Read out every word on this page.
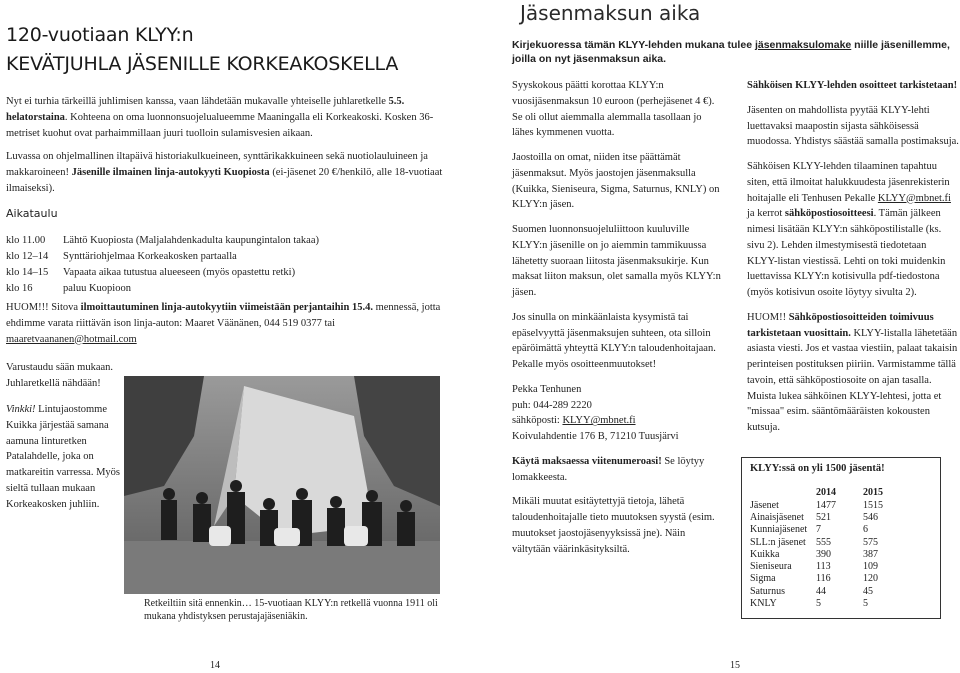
120-vuotiaan KLYY:n
KEVÄTJUHLA JÄSENILLE KORKEAKOSKELLA
Nyt ei turhia tärkeillä juhlimisen kanssa, vaan lähdetään mukavalle yhteiselle juhlaretkelle 5.5.
helatorstaina. Kohteena on oma luonnonsuojelualueemme Maaningalla eli Korkeakoski. Kosken 36-metriset kuohut ovat parhaimmillaan juuri tuolloin sulamisvesien aikaan.
Luvassa on ohjelmallinen iltapäivä historiakulkueineen, synttärikakkuineen sekä nuotiolauluineen ja makkaroineen! Jäsenille ilmainen linja-autokyyti Kuopiosta (ei-jäsenet 20 €/henkilö, alle 18-vuotiaat ilmaiseksi).
Aikataulu
klo 11.00	Lähtö Kuopiosta (Maljalahdenkadulta kaupungintalon takaa)
klo 12–14	Synttäriohjelmaa Korkeakosken partaalla
klo 14–15	Vapaata aikaa tutustua alueeseen (myös opastettu retki)
klo 16	paluu Kuopioon
HUOM!!! Sitova ilmoittautuminen linja-autokyytiin viimeistään perjantaihin 15.4. mennessä, jotta ehdimme varata riittävän ison linja-auton: Maaret Väänänen, 044 519 0377 tai maaretvaananen@hotmail.com
Varustaudu sään mukaan.
Juhlaretkellä nähdään!
Vinkki! Lintujaostomme Kuikka järjestää samana aamuna linturetken Patalahdelle, joka on matkareitin varressa. Myös sieltä tullaan mukaan Korkeakosken juhliin.
Retkeiltiin sitä ennenkin… 15-vuotiaan KLYY:n retkellä vuonna 1911 oli mukana yhdistyksen perustajajäseniäkin.
14
Jäsenmaksun aika
Kirjekuoressa tämän KLYY-lehden mukana tulee jäsenmaksulomake niille jäsenillemme, joilla on nyt jäsenmaksun aika.

Syyskokous päätti korottaa KLYY:n vuosijäsenmaksun 10 euroon (perhejäsenet 4 €). Se oli ollut aiemmalla alemmalla tasollaan jo lähes kymmenen vuotta.

Jaostoilla on omat, niiden itse päättämät jäsenmaksut. Myös jaostojen jäsenmaksulla (Kuikka, Sieniseura, Sigma, Saturnus, KNLY) on KLYY:n jäsen.

Suomen luonnonsuojeluliittoon kuuluville KLYY:n jäsenille on jo aiemmin tammikuussa lähetetty suoraan liitosta jäsenmaksukirje. Kun maksat liiton maksun, olet samalla myös KLYY:n jäsen.

Jos sinulla on minkäänlaista kysymistä tai epäselvyyttä jäsenmaksujen suhteen, ota silloin epäröimättä yhteyttä KLYY:n taloudenhoitajaan. Pekalle myös osoitteenmuutokset!

Pekka Tenhunen

puh: 044-289 2220

sähköposti: KLYY@mbnet.fi

Koivulahdentie 176 B, 71210 Tuusjärvi

Käytä maksaessa viitenumeroasi! Se löytyy lomakkeesta.

Mikäli muutat esitäytettyjä tietoja, lähetä taloudenhoitajalle tieto muutoksen syystä (esim. muutokset jaostojäsenyyksissä jne). Näin vältytään väärinkäsityksiltä.

Sähköisen KLYY-lehden osoitteet tarkistetaan!

Jäsenten on mahdollista pyytää KLYY-lehti luettavaksi maapostin sijasta sähköisessä muodossa. Yhdistys säästää samalla postimaksuja.

Sähköisen KLYY-lehden tilaaminen tapahtuu siten, että ilmoitat halukkuudesta jäsenrekisterin hoitajalle eli Tenhusen Pekalle KLYY@mbnet.fi ja kerrot sähköpostiosoitteesi. Tämän jälkeen nimesi lisätään KLYY:n sähköpostilistalle (ks. sivu 2). Lehden ilmestymisestä tiedotetaan KLYY-listan viestissä. Lehti on toki muidenkin luettavissa KLYY:n kotisivulla pdf-tiedostona (myös kotisivun osoite löytyy sivulta 2).

HUOM!! Sähköpostiosoitteiden toimivuus tarkistetaan vuosittain. KLYY-listalla lähetetään asiasta viesti. Jos et vastaa viestiin, palaat takaisin perinteisen postituksen piiriin. Varmistamme tällä tavoin, että sähköpostiosoite on ajan tasalla. Muista lukea sähköinen KLYY-lehtesi, jotta et "missaa" esim. sääntömääräisten kokousten kutsuja.

KLYY:ssä on yli 1500 jäsentä!
	2014	2015
Jäsenet	1477	1515
Ainaisjäsenet	521	546
Kunniajäsenet	7	6
SLL:n jäsenet	555	575
Kuikka	390	387
Sieniseura	113	109
Sigma	116	120
Saturnus	44	45
KNLY	5	5
15
